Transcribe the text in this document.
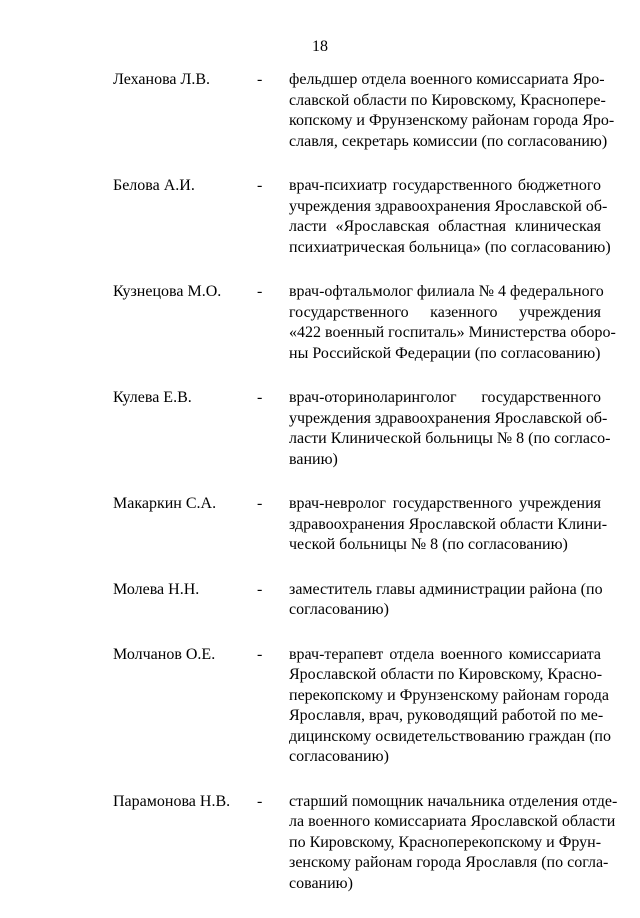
18
Леханова Л.В.	- фельдшер отдела военного комиссариата Яро-
славской области по Кировскому, Краснопере-
копскому и Фрунзенскому районам города Яро-
славля, секретарь комиссии (по согласованию)
Белова А.И.	- врач-психиатр государственного бюджетного
учреждения здравоохранения Ярославской об-
ласти «Ярославская областная клиническая
психиатрическая больница» (по согласованию)
Кузнецова М.О. - врач-офтальмолог филиала № 4 федерального
государственного казенного учреждения
«422 военный госпиталь» Министерства оборо-
ны Российской Федерации (по согласованию)
Кулева Е.В.	- врач-оториноларинголог государственного
учреждения здравоохранения Ярославской об-
ласти Клинической больницы № 8 (по согласо-
ванию)
Макаркин С.А.	- врач-невролог государственного учреждения
здравоохранения Ярославской области Клини-
ческой больницы № 8 (по согласованию)
Молева Н.Н.	- заместитель главы администрации района (по
согласованию)
Молчанов О.Е.	- врач-терапевт отдела военного комиссариата
Ярославской области по Кировскому, Красно-
перекопскому и Фрунзенскому районам города
Ярославля, врач, руководящий работой по ме-
дицинскому освидетельствованию граждан (по
согласованию)
Парамонова Н.В. - старший помощник начальника отделения отде-
ла военного комиссариата Ярославской области
по Кировскому, Красноперекопскому и Фрун-
зенскому районам города Ярославля (по согла-
сованию)
